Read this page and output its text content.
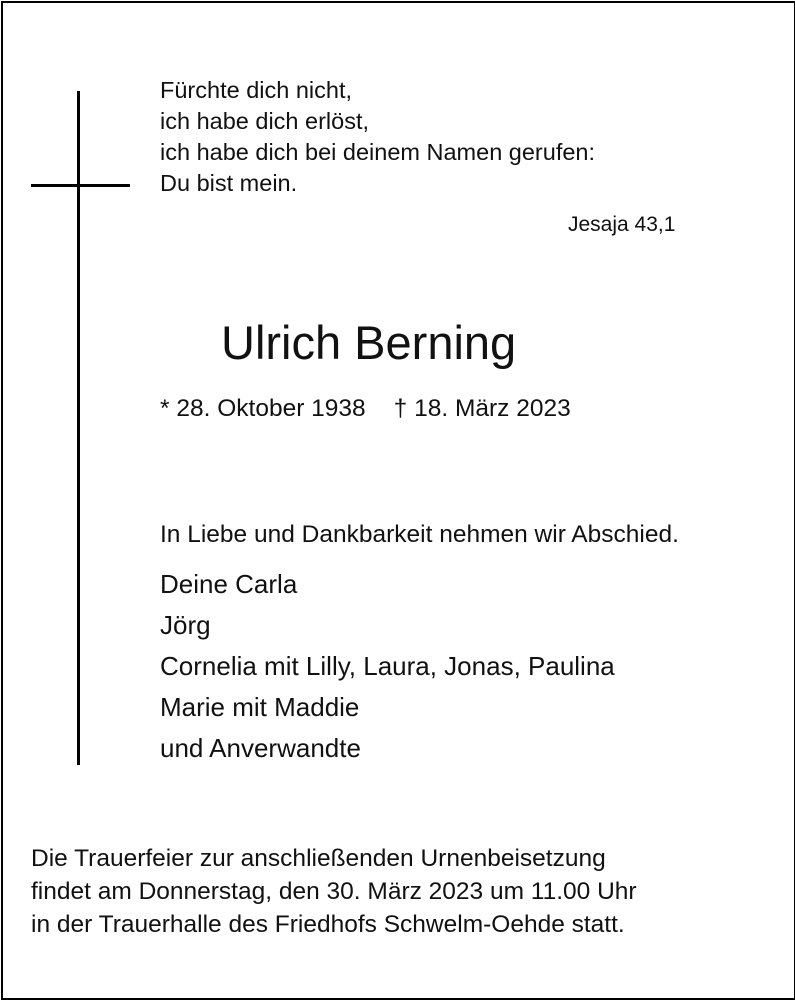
Fürchte dich nicht,
ich habe dich erlöst,
ich habe dich bei deinem Namen gerufen:
Du bist mein.
Jesaja 43,1
Ulrich Berning
* 28. Oktober 1938 † 18. März 2023
In Liebe und Dankbarkeit nehmen wir Abschied.
Deine Carla
Jörg
Cornelia mit Lilly, Laura, Jonas, Paulina
Marie mit Maddie
und Anverwandte
Die Trauerfeier zur anschließenden Urnenbeisetzung
findet am Donnerstag, den 30. März 2023 um 11.00 Uhr
in der Trauerhalle des Friedhofs Schwelm-Oehde statt.
